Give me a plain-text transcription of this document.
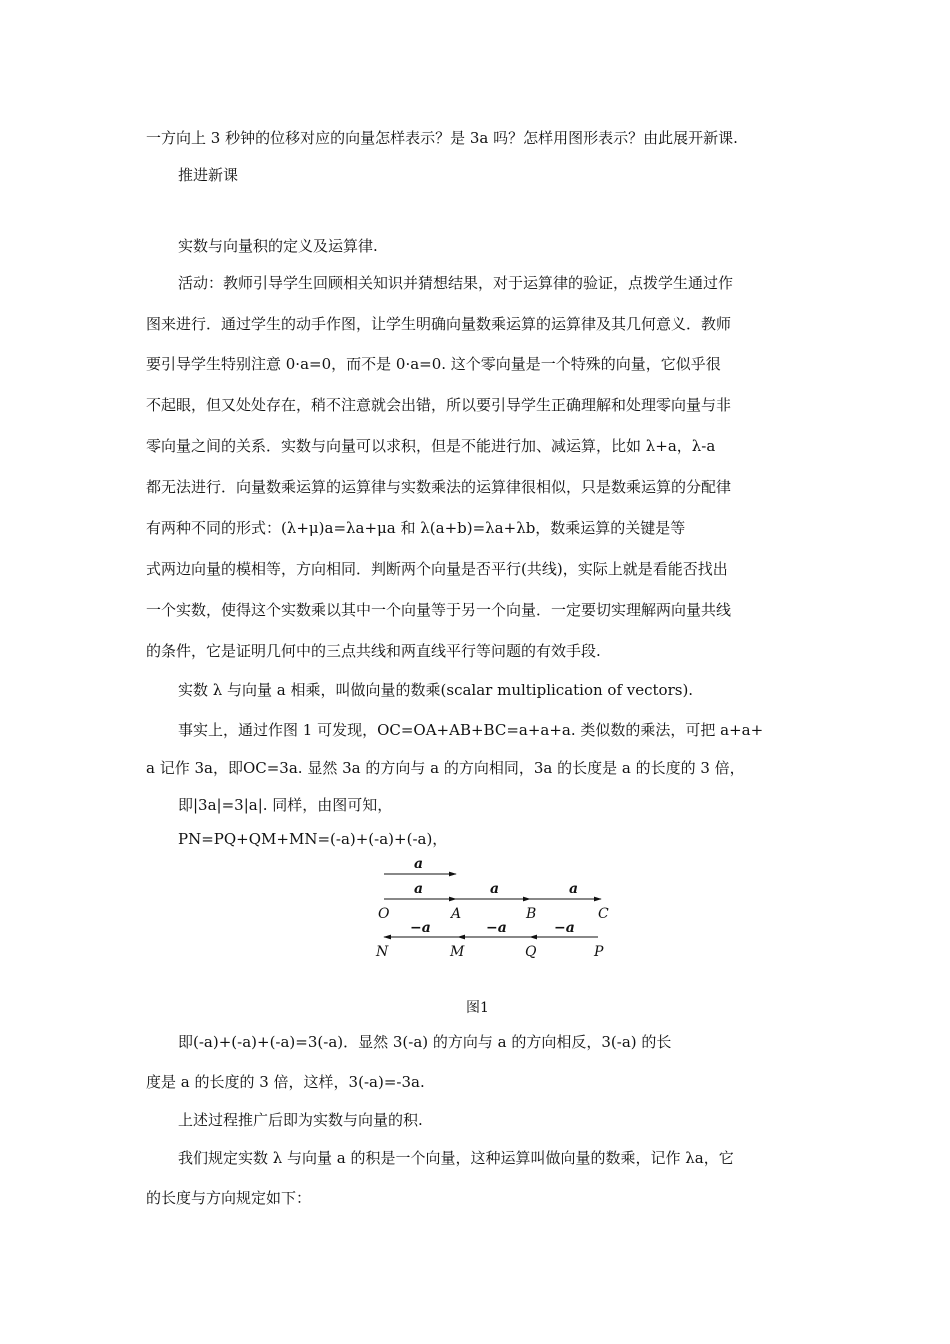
一方向上 3 秒钟的位移对应的向量怎样表示？是 3a 吗？怎样用图形表示？由此展开新课.
推进新课
实数与向量积的定义及运算律.
活动：教师引导学生回顾相关知识并猜想结果，对于运算律的验证，点拨学生通过作
图来进行．通过学生的动手作图，让学生明确向量数乘运算的运算律及其几何意义．教师
要引导学生特别注意 0·a=0，而不是 0·a=0. 这个零向量是一个特殊的向量，它似乎很
不起眼，但又处处存在，稍不注意就会出错，所以要引导学生正确理解和处理零向量与非
零向量之间的关系．实数与向量可以求积，但是不能进行加、减运算，比如 λ+a，λ-a
都无法进行．向量数乘运算的运算律与实数乘法的运算律很相似，只是数乘运算的分配律
有两种不同的形式：(λ+μ)a=λa+μa 和 λ(a+b)=λa+λb，数乘运算的关键是等
式两边向量的模相等，方向相同．判断两个向量是否平行(共线)，实际上就是看能否找出
一个实数，使得这个实数乘以其中一个向量等于另一个向量．一定要切实理解两向量共线
的条件，它是证明几何中的三点共线和两直线平行等问题的有效手段.
实数 λ 与向量 a 相乘，叫做向量的数乘(scalar multiplication of vectors).
事实上，通过作图 1 可发现，OC=OA+AB+BC=a+a+a. 类似数的乘法，可把 a+a+
a 记作 3a，即OC=3a. 显然 3a 的方向与 a 的方向相同，3a 的长度是 a 的长度的 3 倍，
即|3a|=3|a|. 同样，由图可知，
PN=PQ+QM+MN=(-a)+(-a)+(-a)，
a
a	a	a
O	A	B	C
−a	−a	−a
N	M	Q	P
图1
即(-a)+(-a)+(-a)=3(-a)．显然 3(-a) 的方向与 a 的方向相反，3(-a) 的长
度是 a 的长度的 3 倍，这样，3(-a)=-3a.
上述过程推广后即为实数与向量的积.
我们规定实数 λ 与向量 a 的积是一个向量，这种运算叫做向量的数乘，记作 λa，它
的长度与方向规定如下：
